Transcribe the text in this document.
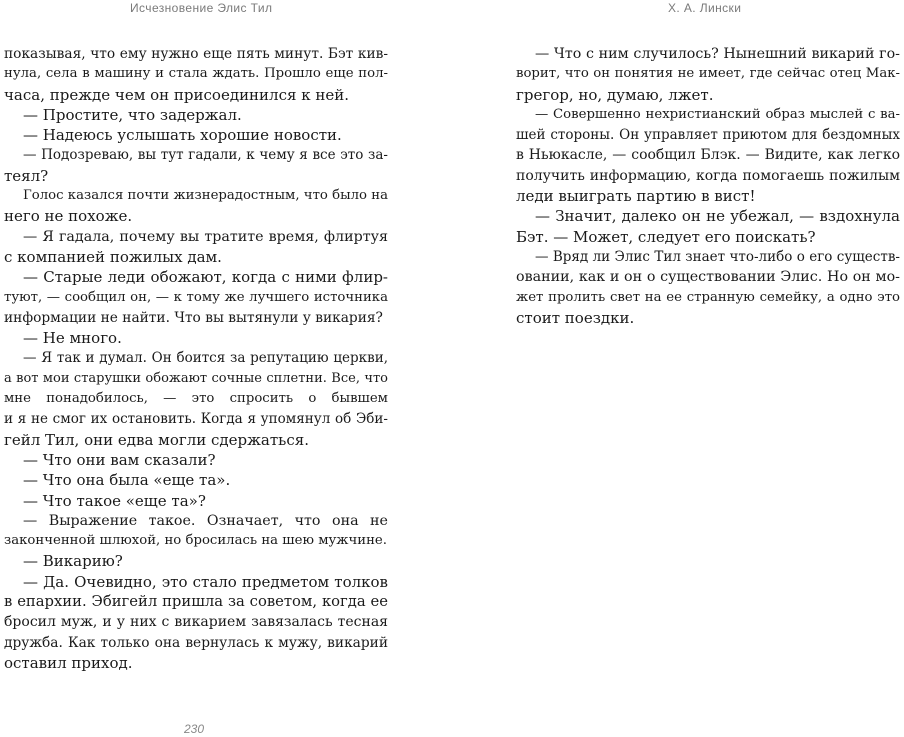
Исчезновение Элис Тил	Х. А. Лински
показывая, что ему нужно еще пять минут. Бэт кив-
нула, села в машину и стала ждать. Прошло еще пол-
часа, прежде чем он присоединился к ней.
— Простите, что задержал.
— Надеюсь услышать хорошие новости.
— Подозреваю, вы тут гадали, к чему я все это за-
теял?
Голос казался почти жизнерадостным, что было на
него не похоже.
— Я гадала, почему вы тратите время, флиртуя
с компанией пожилых дам.
— Старые леди обожают, когда с ними флир-
туют, — сообщил он, — к тому же лучшего источника
информации не найти. Что вы вытянули у викария?
— Не много.
— Я так и думал. Он боится за репутацию церкви,
а вот мои старушки обожают сочные сплетни. Все, что
мне понадобилось, — это спросить о бывшем
и я не смог их остановить. Когда я упомянул об Эби-
гейл Тил, они едва могли сдержаться.
— Что они вам сказали?
— Что она была «еще та».
— Что такое «еще та»?
— Выражение такое. Означает, что она не
законченной шлюхой, но бросилась на шею мужчине.
— Викарию?
— Да. Очевидно, это стало предметом толков
в епархии. Эбигейл пришла за советом, когда ее
бросил муж, и у них с викарием завязалась тесная
дружба. Как только она вернулась к мужу, викарий
оставил приход.
— Что с ним случилось? Нынешний викарий го-
ворит, что он понятия не имеет, где сейчас отец Мак-
грегор, но, думаю, лжет.
— Совершенно нехристианский образ мыслей с ва-
шей стороны. Он управляет приютом для бездомных
в Ньюкасле, — сообщил Блэк. — Видите, как легко
получить информацию, когда помогаешь пожилым
леди выиграть партию в вист!
— Значит, далеко он не убежал, — вздохнула
Бэт. — Может, следует его поискать?
— Вряд ли Элис Тил знает что-либо о его существ-
овании, как и он о существовании Элис. Но он мо-
жет пролить свет на ее странную семейку, а одно это
стоит поездки.
230
